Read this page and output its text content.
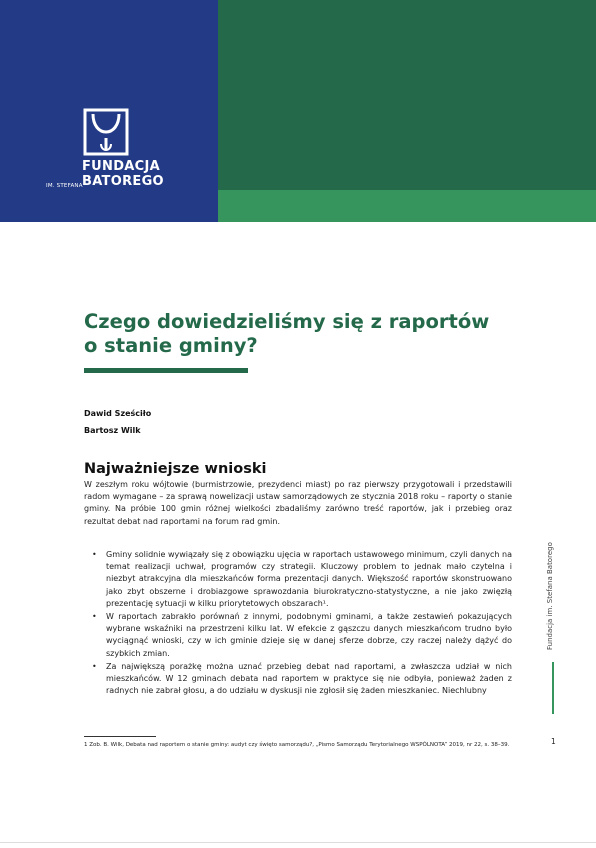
FUNDACJA
IM. STEFANA BATOREGO
Czego dowiedzieliśmy się z raportów
o stanie gminy?
Dawid Sześciło
Bartosz Wilk
Najważniejsze wnioski

W zeszłym roku wójtowie (burmistrzowie, prezydenci miast) po raz pierwszy przygotowali i przedstawili radom wymagane – za sprawą nowelizacji ustaw samorządowych ze stycznia 2018 roku – raporty o stanie gminy. Na próbie 100 gmin różnej wielkości zbadaliśmy zarówno treść raportów, jak i przebieg oraz rezultat debat nad raportami na forum rad gmin.

• Gminy solidnie wywiązały się z obowiązku ujęcia w raportach ustawowego minimum, czyli danych na temat realizacji uchwał, programów czy strategii. Kluczowy problem to jednak mało czytelna i niezbyt atrakcyjna dla mieszkańców forma prezentacji danych. Większość raportów skonstruowano jako zbyt obszerne i drobiazgowe sprawozdania biurokratyczno-statystyczne, a nie jako zwięzłą prezentację sytuacji w kilku priorytetowych obszarach¹.

• W raportach zabrakło porównań z innymi, podobnymi gminami, a także zestawień pokazujących wybrane wskaźniki na przestrzeni kilku lat. W efekcie z gąszczu danych mieszkańcom trudno było wyciągnąć wnioski, czy w ich gminie dzieje się w danej sferze dobrze, czy raczej należy dążyć do szybkich zmian.

• Za największą porażkę można uznać przebieg debat nad raportami, a zwłaszcza udział w nich mieszkańców. W 12 gminach debata nad raportem w praktyce się nie odbyła, ponieważ żaden z radnych nie zabrał głosu, a do udziału w dyskusji nie zgłosił się żaden mieszkaniec. Niechlubny

1 Zob. B. Wilk, Debata nad raportem o stanie gminy: audyt czy święto samorządu?, „Pismo Samorządu Terytorialnego WSPÓLNOTA” 2019, nr 22, s. 38–39.
Fundacja im. Stefana Batorego
1
